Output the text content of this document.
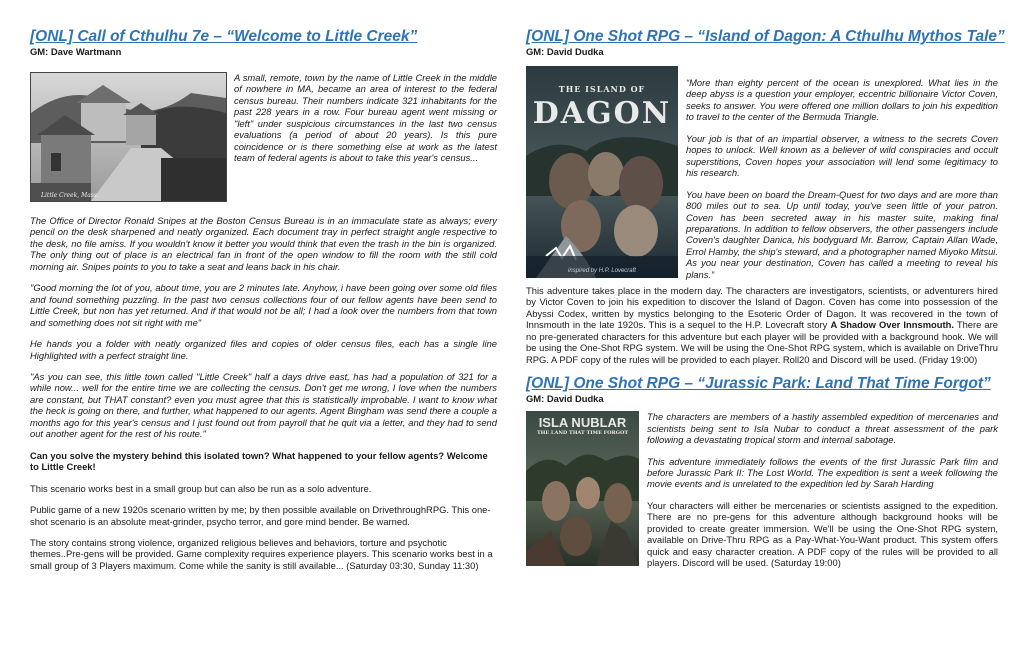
[ONL] Call of Cthulhu 7e – “Welcome to Little Creek”
GM: Dave Wartmann
Little Creek, Mass.

A small, remote, town by the name of Little Creek in the middle of nowhere in MA, became an area of interest to the federal census bureau. Their numbers indicate 321 inhabitants for the past 228 years in a row. Four bureau agent went missing or "left" under suspicious circumstances in the last two census evaluations (a period of about 20 years). Is this pure coincidence or is there something else at work as the latest team of federal agents is about to take this year's census...

The Office of Director Ronald Snipes at the Boston Census Bureau is in an immaculate state as always; every pencil on the desk sharpened and neatly organized. Each document tray in perfect straight angle respective to the desk, no file amiss. If you wouldn't know it better you would think that even the trash in the bin is organized. The only thing out of place is an electrical fan in front of the open window to fill the room with the still cold morning air. Snipes points to you to take a seat and leans back in his chair.

"Good morning the lot of you, about time, you are 2 minutes late. Anyhow, i have been going over some old files and found something puzzling. In the past two census collections four of our fellow agents have been send to Little Creek, but non has yet returned. And if that would not be all; I had a look over the numbers from that town and something does not sit right with me"

He hands you a folder with neatly organized files and copies of older census files, each has a single line Highlighted with a perfect straight line.

"As you can see, this little town called "Little Creek" half a days drive east, has had a population of 321 for a while now... well for the entire time we are collecting the census. Don't get me wrong, I love when the numbers are constant, but THAT constant? even you must agree that this is statistically improbable. I want to know what the heck is going on there, and further, what happened to our agents. Agent Bingham was send there a couple a months ago for this year's census and I just found out from payroll that he quit via a letter, and they had to send out another agent for the rest of his route."

Can you solve the mystery behind this isolated town? What happened to your fellow agents? Welcome to Little Creek!

This scenario works best in a small group but can also be run as a solo adventure.

Public game of a new 1920s scenario written by me; by then possible available on DrivethroughRPG. This one-shot scenario is an absolute meat-grinder, psycho terror, and gore mind bender. Be warned.

The story contains strong violence, organized religious believes and behaviors, torture and psychotic themes..Pre-gens will be provided. Game complexity requires experience players. This scenario works best in a small group of 3 Players maximum. Come while the sanity is still available... (Saturday 03:30, Sunday 11:30)

[ONL] One Shot RPG – “Island of Dagon: A Cthulhu Mythos Tale”
GM: David Dudka
THE ISLAND OF
DAGON
inspired by H.P. Lovecraft

“More than eighty percent of the ocean is unexplored. What lies in the deep abyss is a question your employer, eccentric billionaire Victor Coven, seeks to answer. You were offered one million dollars to join his expedition to travel to the center of the Bermuda Triangle.

Your job is that of an impartial observer, a witness to the secrets Coven hopes to unlock. Well known as a believer of wild conspiracies and occult superstitions, Coven hopes your association will lend some legitimacy to his research.

You have been on board the Dream-Quest for two days and are more than 800 miles out to sea. Up until today, you've seen little of your patron. Coven has been secreted away in his master suite, making final preparations. In addition to fellow observers, the other passengers include Coven's daughter Danica, his bodyguard Mr. Barrow, Captain Allan Wade, Errol Hamby, the ship's steward, and a photographer named Miyoko Mitsui. As you near your destination, Coven has called a meeting to reveal his plans.”

This adventure takes place in the modern day. The characters are investigators, scientists, or adventurers hired by Victor Coven to join his expedition to discover the Island of Dagon. Coven has come into possession of the Abyssi Codex, written by mystics belonging to the Esoteric Order of Dagon. It was recovered in the town of Innsmouth in the late 1920s. This is a sequel to the H.P. Lovecraft story A Shadow Over Innsmouth. There are no pre-generated characters for this adventure but each player will be provided with a background hook. We will be using the One-Shot RPG system. We will be using the One-Shot RPG system, which is available on DriveThru RPG. A PDF copy of the rules will be provided to each player. Roll20 and Discord will be used. (Friday 19:00)

[ONL] One Shot RPG – “Jurassic Park: Land That Time Forgot”
GM: David Dudka
ISLA NUBLAR
THE LAND THAT TIME FORGOT

The characters are members of a hastily assembled expedition of mercenaries and scientists being sent to Isla Nubar to conduct a threat assessment of the park following a devastating tropical storm and internal sabotage.

This adventure immediately follows the events of the first Jurassic Park film and before Jurassic Park II: The Lost World. The expedition is sent a week following the movie events and is unrelated to the expedition led by Sarah Harding

Your characters will either be mercenaries or scientists assigned to the expedition. There are no pre-gens for this adventure although background hooks will be provided to create greater immersion. We'll be using the One-Shot RPG system, available on Drive-Thru RPG as a Pay-What-You-Want product. This system offers quick and easy character creation. A PDF copy of the rules will be provided to all players. Discord will be used. (Saturday 19:00)
